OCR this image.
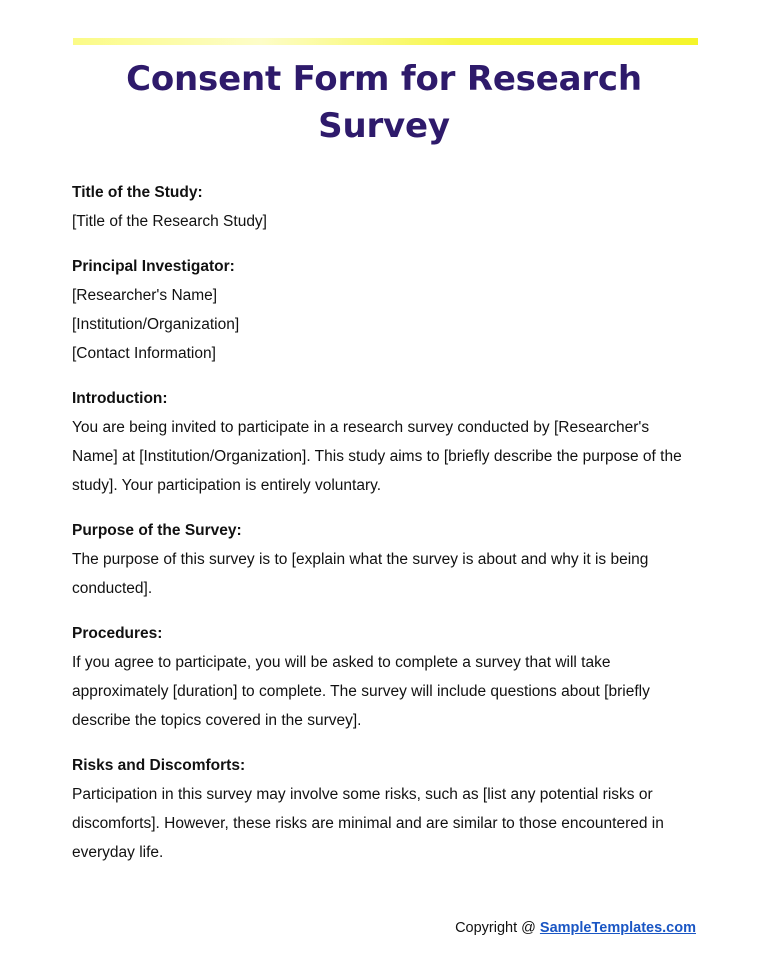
Consent Form for Research Survey

Title of the Study:

[Title of the Research Study]

Principal Investigator:

[Researcher's Name]

[Institution/Organization]

[Contact Information]

Introduction:

You are being invited to participate in a research survey conducted by [Researcher's Name] at [Institution/Organization]. This study aims to [briefly describe the purpose of the study]. Your participation is entirely voluntary.

Purpose of the Survey:

The purpose of this survey is to [explain what the survey is about and why it is being conducted].

Procedures:

If you agree to participate, you will be asked to complete a survey that will take approximately [duration] to complete. The survey will include questions about [briefly describe the topics covered in the survey].

Risks and Discomforts:

Participation in this survey may involve some risks, such as [list any potential risks or discomforts]. However, these risks are minimal and are similar to those encountered in everyday life.

Copyright @ SampleTemplates.com
